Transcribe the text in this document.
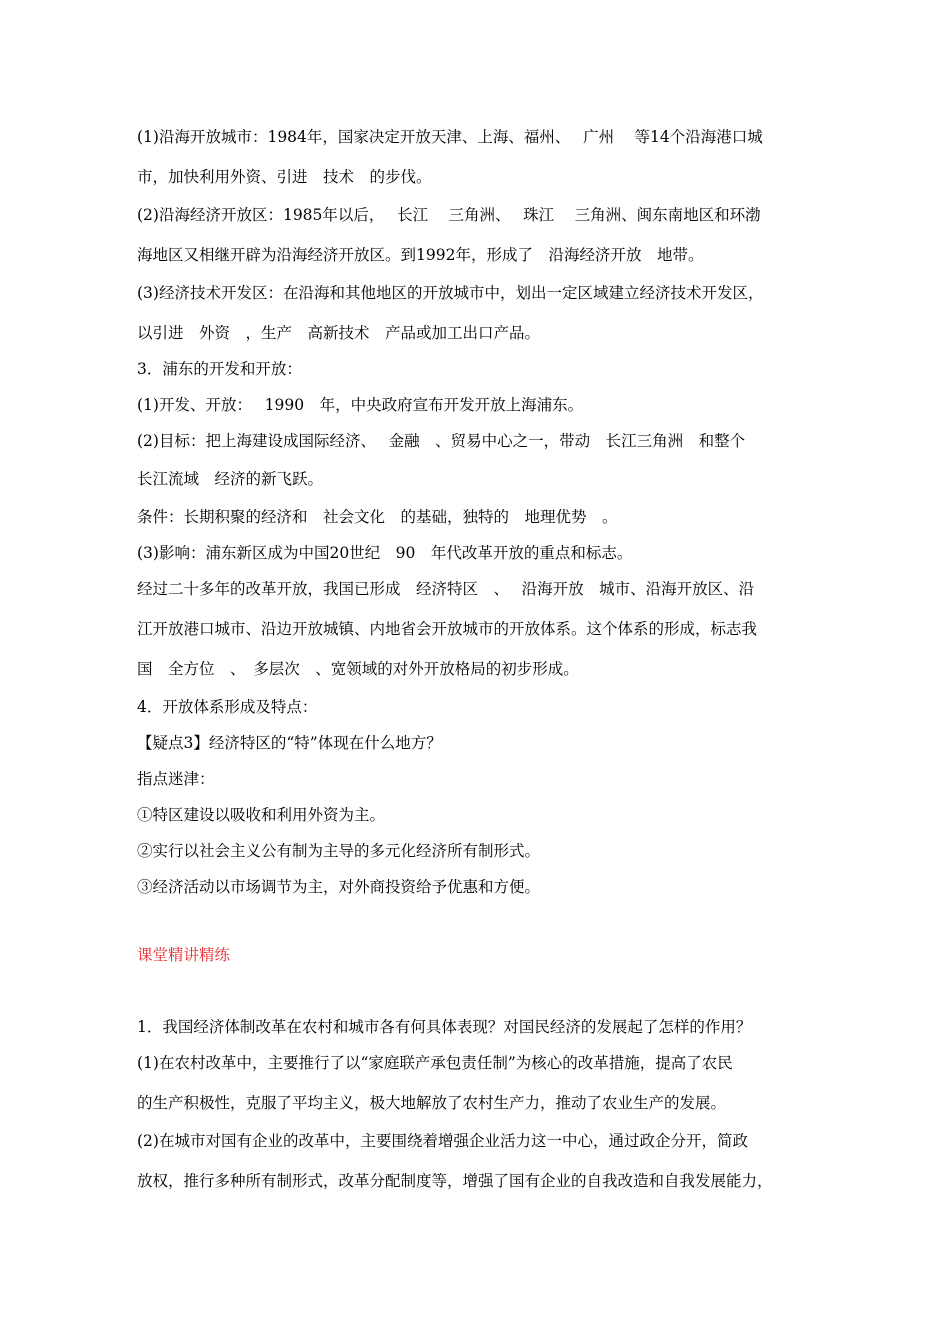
(1)沿海开放城市：1984年，国家决定开放天津、上海、福州、　 广州　 等14个沿海港口城
市，加快利用外资、引进　技术　的步伐。
(2)沿海经济开放区：1985年以后，　 长江　 三角洲、　 珠江　 三角洲、闽东南地区和环渤
海地区又相继开辟为沿海经济开放区。到1992年，形成了　沿海经济开放　地带。
(3)经济技术开发区：在沿海和其他地区的开放城市中，划出一定区域建立经济技术开发区，
以引进　外资　，生产　高新技术　产品或加工出口产品。
3．浦东的开发和开放：
(1)开发、开放：　 1990　年，中央政府宣布开发开放上海浦东。
(2)目标：把上海建设成国际经济、　 金融　、贸易中心之一，带动　长江三角洲　和整个
长江流域　经济的新飞跃。
条件：长期积聚的经济和　社会文化　的基础，独特的　地理优势　。
(3)影响：浦东新区成为中国20世纪　90　年代改革开放的重点和标志。
经过二十多年的改革开放，我国已形成　经济特区　、　 沿海开放　城市、沿海开放区、沿
江开放港口城市、沿边开放城镇、内地省会开放城市的开放体系。这个体系的形成，标志我
国　全方位　、　多层次　、宽领域的对外开放格局的初步形成。
4．开放体系形成及特点：
【疑点3】经济特区的“特”体现在什么地方？
指点迷津：
①特区建设以吸收和利用外资为主。
②实行以社会主义公有制为主导的多元化经济所有制形式。
③经济活动以市场调节为主，对外商投资给予优惠和方便。
课堂精讲精练
1．我国经济体制改革在农村和城市各有何具体表现？对国民经济的发展起了怎样的作用？
(1)在农村改革中，主要推行了以“家庭联产承包责任制”为核心的改革措施，提高了农民
的生产积极性，克服了平均主义，极大地解放了农村生产力，推动了农业生产的发展。
(2)在城市对国有企业的改革中，主要围绕着增强企业活力这一中心，通过政企分开，简政
放权，推行多种所有制形式，改革分配制度等，增强了国有企业的自我改造和自我发展能力，
